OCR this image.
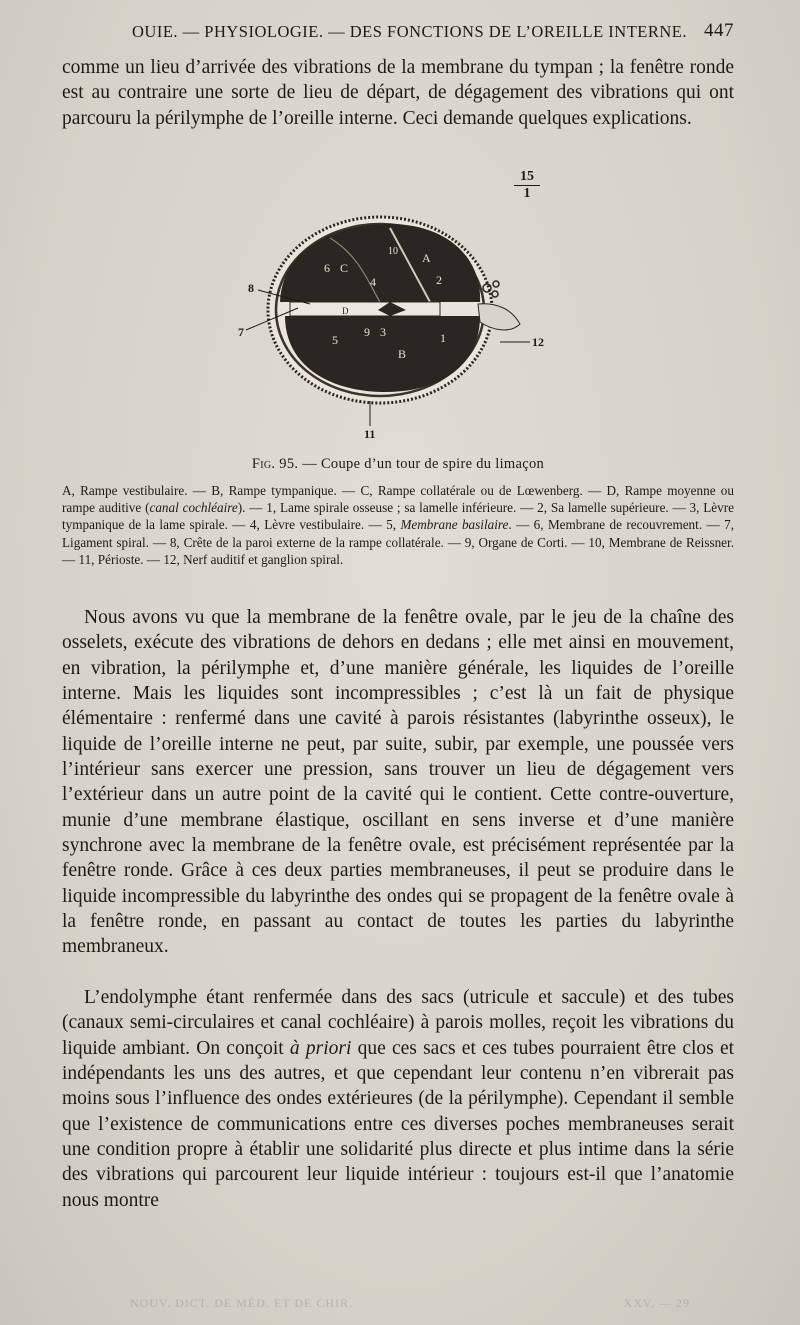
OUIE. — PHYSIOLOGIE. — DES FONCTIONS DE L’OREILLE INTERNE. 447

comme un lieu d’arrivée des vibrations de la membrane du tympan ; la fenêtre ronde est au contraire une sorte de lieu de départ, de dégagement des vibrations qui ont parcouru la périlymphe de l’oreille interne. Ceci demande quelques explications.

15
1
A
B
C
D
1
2
3
4
5
6
9
10
8
7
12
11
Fig. 95. — Coupe d’un tour de spire du limaçon

A, Rampe vestibulaire. — B, Rampe tympanique. — C, Rampe collatérale ou de Lœwenberg. — D, Rampe moyenne ou rampe auditive (canal cochléaire). — 1, Lame spirale osseuse ; sa lamelle inférieure. — 2, Sa lamelle supérieure. — 3, Lèvre tympanique de la lame spirale. — 4, Lèvre vestibulaire. — 5, Membrane basilaire. — 6, Membrane de recouvrement. — 7, Ligament spiral. — 8, Crête de la paroi externe de la rampe collatérale. — 9, Organe de Corti. — 10, Membrane de Reissner. — 11, Périoste. — 12, Nerf auditif et ganglion spiral.

Nous avons vu que la membrane de la fenêtre ovale, par le jeu de la chaîne des osselets, exécute des vibrations de dehors en dedans ; elle met ainsi en mouvement, en vibration, la périlymphe et, d’une manière générale, les liquides de l’oreille interne. Mais les liquides sont incompressibles ; c’est là un fait de physique élémentaire : renfermé dans une cavité à parois résistantes (labyrinthe osseux), le liquide de l’oreille interne ne peut, par suite, subir, par exemple, une poussée vers l’intérieur sans exercer une pression, sans trouver un lieu de dégagement vers l’extérieur dans un autre point de la cavité qui le contient. Cette contre-ouverture, munie d’une membrane élastique, oscillant en sens inverse et d’une manière synchrone avec la membrane de la fenêtre ovale, est précisément représentée par la fenêtre ronde. Grâce à ces deux parties membraneuses, il peut se produire dans le liquide incompressible du labyrinthe des ondes qui se propagent de la fenêtre ovale à la fenêtre ronde, en passant au contact de toutes les parties du labyrinthe membraneux.

L’endolymphe étant renfermée dans des sacs (utricule et saccule) et des tubes (canaux semi-circulaires et canal cochléaire) à parois molles, reçoit les vibrations du liquide ambiant. On conçoit à priori que ces sacs et ces tubes pourraient être clos et indépendants les uns des autres, et que cependant leur contenu n’en vibrerait pas moins sous l’influence des ondes extérieures (de la périlymphe). Cependant il semble que l’existence de communications entre ces diverses poches membraneuses serait une condition propre à établir une solidarité plus directe et plus intime dans la série des vibrations qui parcourent leur liquide intérieur : toujours est-il que l’anatomie nous montre

NOUV. DICT. DE MÉD. ET DE CHIR.	XXV. — 29
